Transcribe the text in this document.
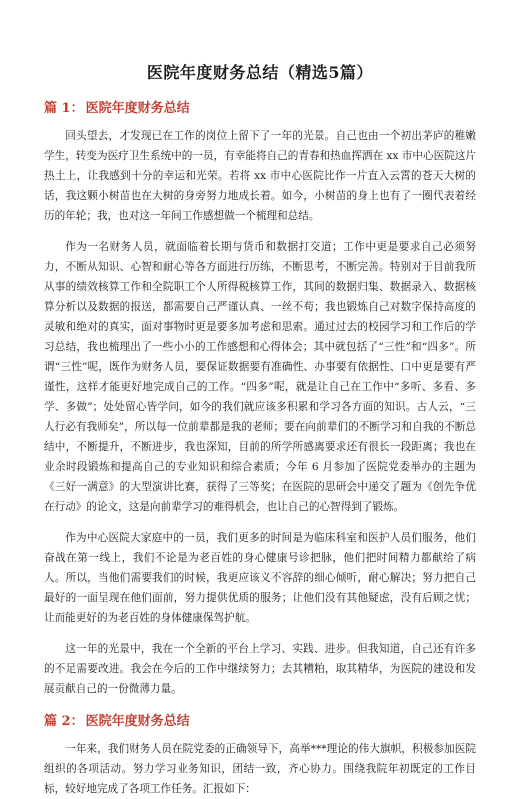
医院年度财务总结（精选5篇）
篇 1： 医院年度财务总结

回头望去，才发现已在工作的岗位上留下了一年的光景。自己也由一个初出茅庐的稚嫩学生，转变为医疗卫生系统中的一员，有幸能将自己的青春和热血挥洒在 xx 市中心医院这片热土上，让我感到十分的幸运和光荣。若将 xx 市中心医院比作一片直入云霄的苍天大树的话，我这颗小树苗也在大树的身旁努力地成长着。如今，小树苗的身上也有了一圈代表着经历的年轮；我，也对这一年间工作感想做一个梳理和总结。

作为一名财务人员，就面临着长期与货币和数据打交道；工作中更是要求自己必须努力，不断从知识、心智和耐心等各方面进行历练，不断思考，不断完善。特别对于目前我所从事的绩效核算工作和全院职工个人所得税核算工作，其间的数据归集、数据录入、数据核算分析以及数据的报送，都需要自己严谨认真、一丝不苟；我也锻炼自己对数字保持高度的灵敏和绝对的真实，面对事物时更是要多加考虑和思索。通过过去的校园学习和工作后的学习总结，我也梳理出了一些小小的工作感想和心得体会；其中就包括了“三性”和“四多”。所谓“三性”呢，既作为财务人员，要保证数据要有准确性、办事要有依据性、口中更是要有严谨性，这样才能更好地完成自己的工作。“四多”呢，就是让自己在工作中“多听、多看、多学、多做”；处处留心皆学问，如今的我们就应该多积累和学习各方面的知识。古人云，“三人行必有我师矣”，所以每一位前辈都是我的老师；要在向前辈们的不断学习和自我的不断总结中，不断提升，不断进步，我也深知，目前的所学所感离要求还有很长一段距离；我也在业余时段锻炼和提高自己的专业知识和综合素质；今年 6 月参加了医院党委举办的主题为《三好一满意》的大型演讲比赛，获得了三等奖；在医院的思研会中递交了题为《创先争优在行动》的论文，这是向前辈学习的难得机会，也让自己的心智得到了锻炼。

作为中心医院大家庭中的一员，我们更多的时间是为临床科室和医护人员们服务，他们奋战在第一线上，我们不论是为老百姓的身心健康号诊把脉，他们把时间精力都献给了病人。所以，当他们需要我们的时候，我更应该义不容辞的细心倾听，耐心解决；努力把自己最好的一面呈现在他们面前，努力提供优质的服务；让他们没有其他疑虑，没有后顾之忧；让而能更好的为老百姓的身体健康保驾护航。

这一年的光景中，我在一个全新的平台上学习、实践、进步。但我知道，自己还有许多的不足需要改进。我会在今后的工作中继续努力；去其糟粕，取其精华，为医院的建设和发展贡献自己的一份微薄力量。

篇 2： 医院年度财务总结

一年来，我们财务人员在院党委的正确领导下，高举***理论的伟大旗帜，积极参加医院组织的各项活动。努力学习业务知识，团结一致，齐心协力。围绕我院年初既定的工作目标，较好地完成了各项工作任务。汇报如下：
